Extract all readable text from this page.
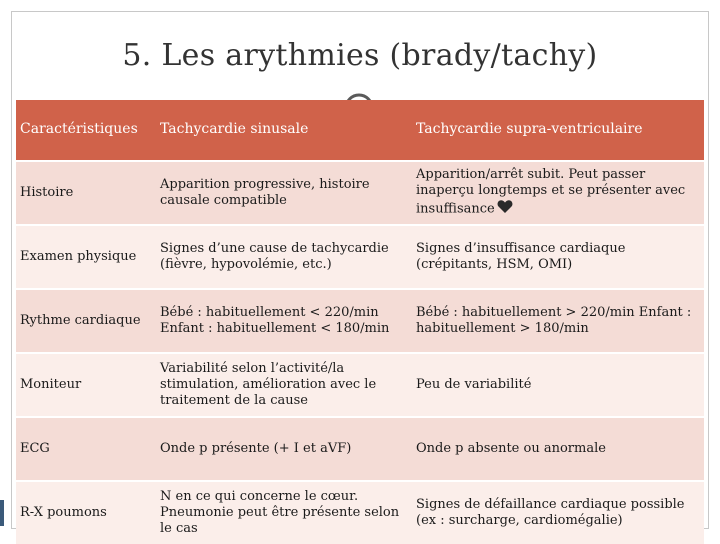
5. Les arythmies (brady/tachy)
Caractéristiques	Tachycardie sinusale	Tachycardie supra-ventriculaire
Histoire	Apparition progressive, histoire causale compatible	Apparition/arrêt subit. Peut passer inaperçu longtemps et se présenter avec insuffisance
Examen physique	Signes d’une cause de tachycardie (fièvre, hypovolémie, etc.)	Signes d’insuffisance cardiaque (crépitants, HSM, OMI)
Rythme cardiaque	Bébé : habituellement < 220/min Enfant : habituellement < 180/min	Bébé : habituellement > 220/min Enfant : habituellement > 180/min
Moniteur	Variabilité selon l’activité/la stimulation, amélioration avec le traitement de la cause	Peu de variabilité
ECG	Onde p présente (+ I et aVF)	Onde p absente ou anormale
R-X poumons	N en ce qui concerne le cœur. Pneumonie peut être présente selon le cas	Signes de défaillance cardiaque possible (ex : surcharge, cardiomégalie)
